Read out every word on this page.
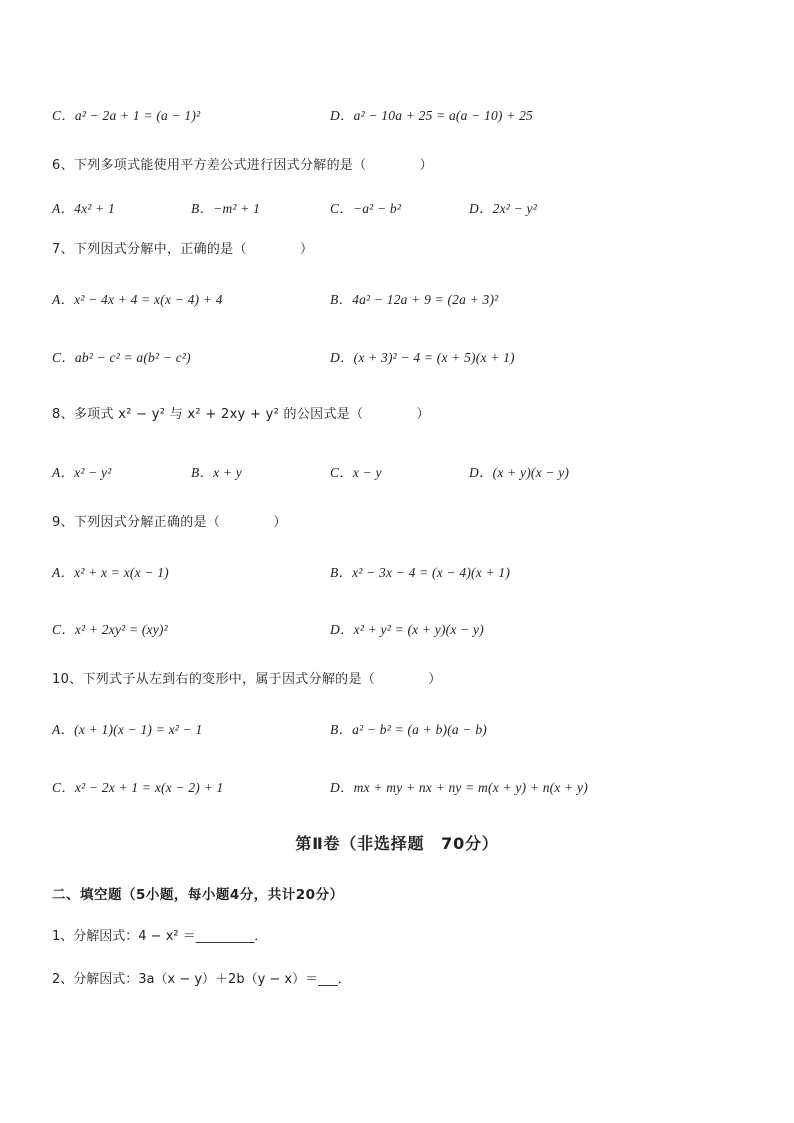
C．a² − 2a + 1 = (a − 1)²	D．a² − 10a + 25 = a(a − 10) + 25
6、下列多项式能使用平方差公式进行因式分解的是（　　　　）
A．4x² + 1	B．−m² + 1	C．−a² − b²	D．2x² − y²
7、下列因式分解中，正确的是（　　　　）
A．x² − 4x + 4 = x(x − 4) + 4	B．4a² − 12a + 9 = (2a + 3)²
C．ab² − c² = a(b² − c²)	D．(x + 3)² − 4 = (x + 5)(x + 1)
8、多项式 x² − y² 与 x² + 2xy + y² 的公因式是（　　　　）
A．x² − y²	B．x + y	C．x − y	D．(x + y)(x − y)
9、下列因式分解正确的是（　　　　）
A．x² + x = x(x − 1)	B．x² − 3x − 4 = (x − 4)(x + 1)
C．x² + 2xy² = (xy)²	D．x² + y² = (x + y)(x − y)
10、下列式子从左到右的变形中，属于因式分解的是（　　　　）
A．(x + 1)(x − 1) = x² − 1	B．a² − b² = (a + b)(a − b)
C．x² − 2x + 1 = x(x − 2) + 1	D．mx + my + nx + ny = m(x + y) + n(x + y)
第Ⅱ卷（非选择题　70分）
二、填空题（5小题，每小题4分，共计20分）
1、分解因式：4 − x² ＝_________．
2、分解因式：3a（x − y）＋2b（y − x）＝___．
